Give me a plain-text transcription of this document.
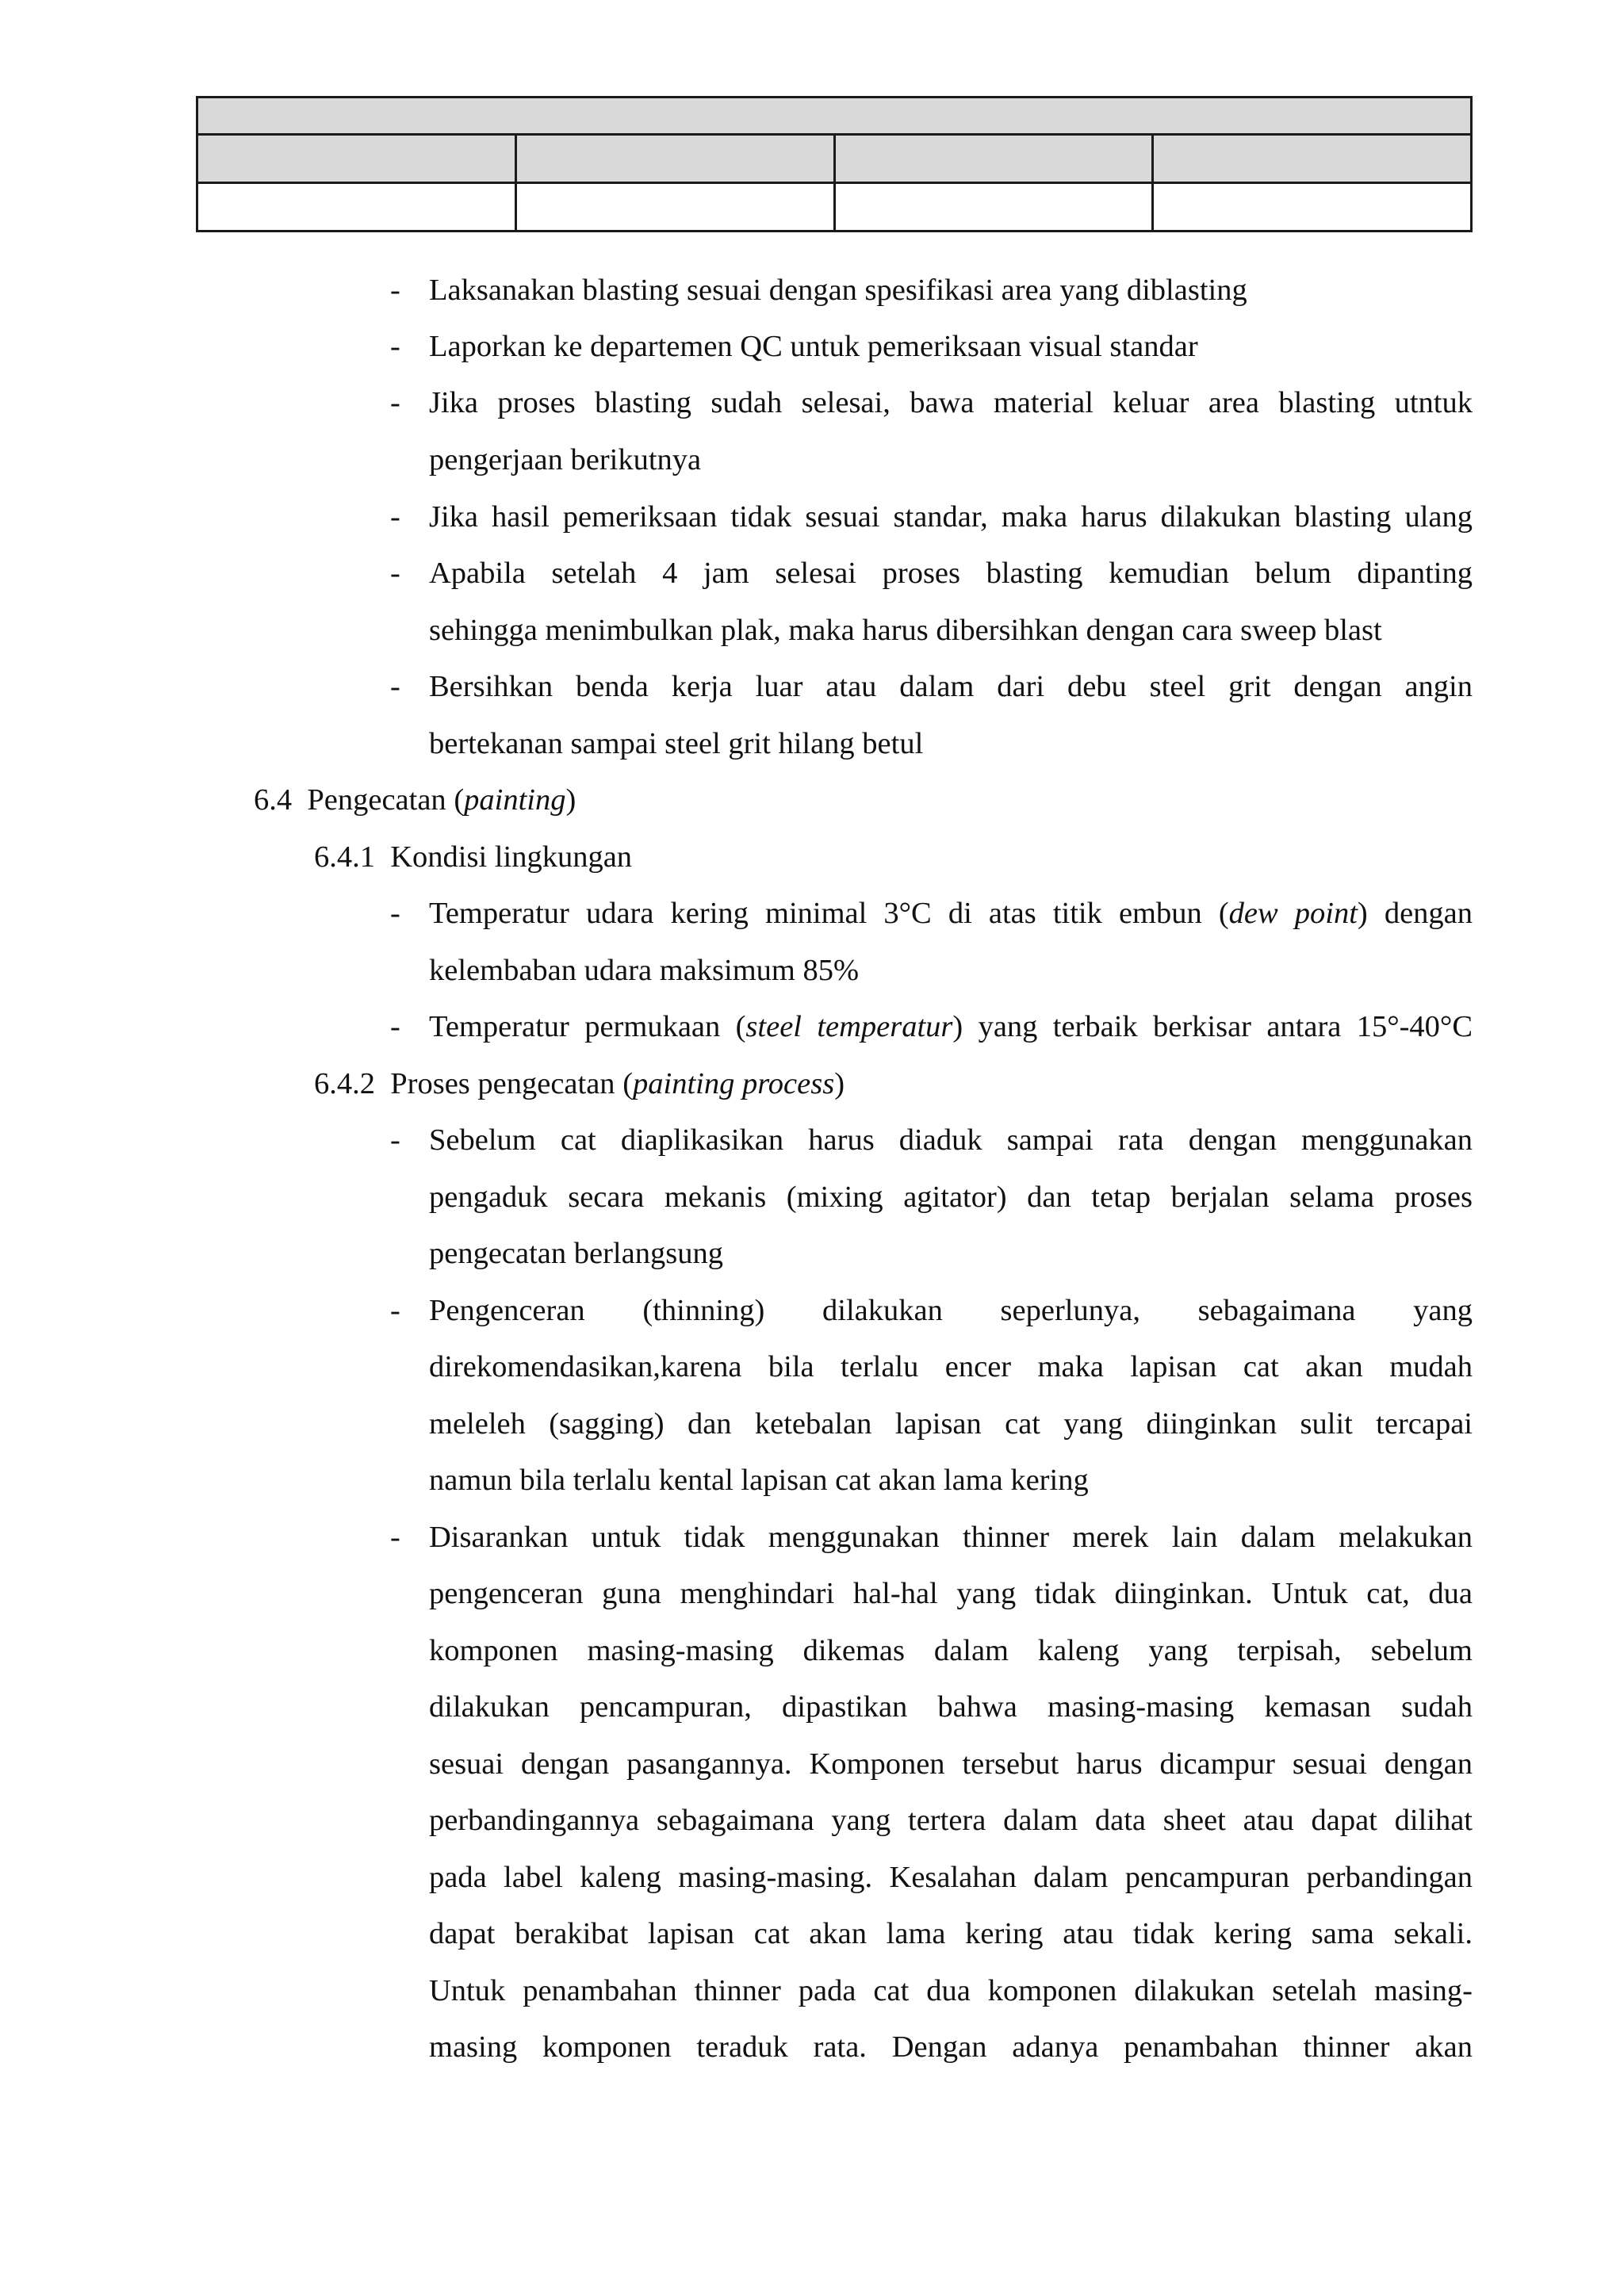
- Laksanakan blasting sesuai dengan spesifikasi area yang diblasting
- Laporkan ke departemen QC untuk pemeriksaan visual standar
- Jika proses blasting sudah selesai, bawa material keluar area blasting utntuk
pengerjaan berikutnya
- Jika hasil pemeriksaan tidak sesuai standar, maka harus dilakukan blasting ulang
- Apabila setelah 4 jam selesai proses blasting kemudian belum dipanting
sehingga menimbulkan plak, maka harus dibersihkan dengan cara sweep blast
- Bersihkan benda kerja luar atau dalam dari debu steel grit dengan angin
bertekanan sampai steel grit hilang betul
6.4 Pengecatan (painting)
6.4.1 Kondisi lingkungan
- Temperatur udara kering minimal 3°C di atas titik embun (dew point) dengan
kelembaban udara maksimum 85%
- Temperatur permukaan (steel temperatur) yang terbaik berkisar antara 15°-40°C
6.4.2 Proses pengecatan (painting process)
- Sebelum cat diaplikasikan harus diaduk sampai rata dengan menggunakan
pengaduk secara mekanis (mixing agitator) dan tetap berjalan selama proses
pengecatan berlangsung
- Pengenceran (thinning) dilakukan seperlunya, sebagaimana yang
direkomendasikan,karena bila terlalu encer maka lapisan cat akan mudah
meleleh (sagging) dan ketebalan lapisan cat yang diinginkan sulit tercapai
namun bila terlalu kental lapisan cat akan lama kering
- Disarankan untuk tidak menggunakan thinner merek lain dalam melakukan
pengenceran guna menghindari hal-hal yang tidak diinginkan. Untuk cat, dua
komponen masing-masing dikemas dalam kaleng yang terpisah, sebelum
dilakukan pencampuran, dipastikan bahwa masing-masing kemasan sudah
sesuai dengan pasangannya. Komponen tersebut harus dicampur sesuai dengan
perbandingannya sebagaimana yang tertera dalam data sheet atau dapat dilihat
pada label kaleng masing-masing. Kesalahan dalam pencampuran perbandingan
dapat berakibat lapisan cat akan lama kering atau tidak kering sama sekali.
Untuk penambahan thinner pada cat dua komponen dilakukan setelah masing-
masing komponen teraduk rata. Dengan adanya penambahan thinner akan
